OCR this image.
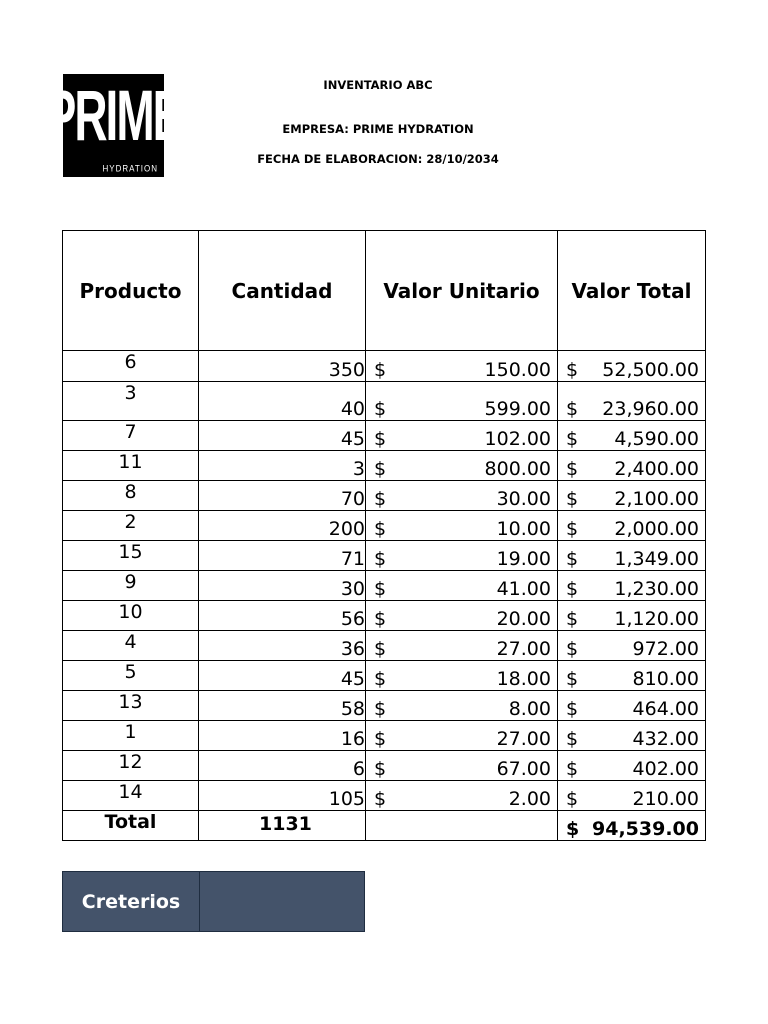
PRIME
HYDRATION
INVENTARIO ABC
EMPRESA: PRIME HYDRATION
FECHA DE ELABORACION: 28/10/2034
Producto	Cantidad	Valor Unitario	Valor Total
6	350	$ 150.00	$ 52,500.00

3	40	$ 599.00	$ 23,960.00

7	45	$ 102.00	$ 4,590.00

11	3	$ 800.00	$ 2,400.00

8	70	$ 30.00	$ 2,100.00

2	200	$ 10.00	$ 2,000.00

15	71	$ 19.00	$ 1,349.00

9	30	$ 41.00	$ 1,230.00

10	56	$ 20.00	$ 1,120.00

4	36	$ 27.00	$ 972.00

5	45	$ 18.00	$ 810.00

13	58	$ 8.00	$ 464.00

1	16	$ 27.00	$ 432.00

12	6	$ 67.00	$ 402.00

14	105	$ 2.00	$ 210.00

Total	1131		$ 94,539.00
Creterios
